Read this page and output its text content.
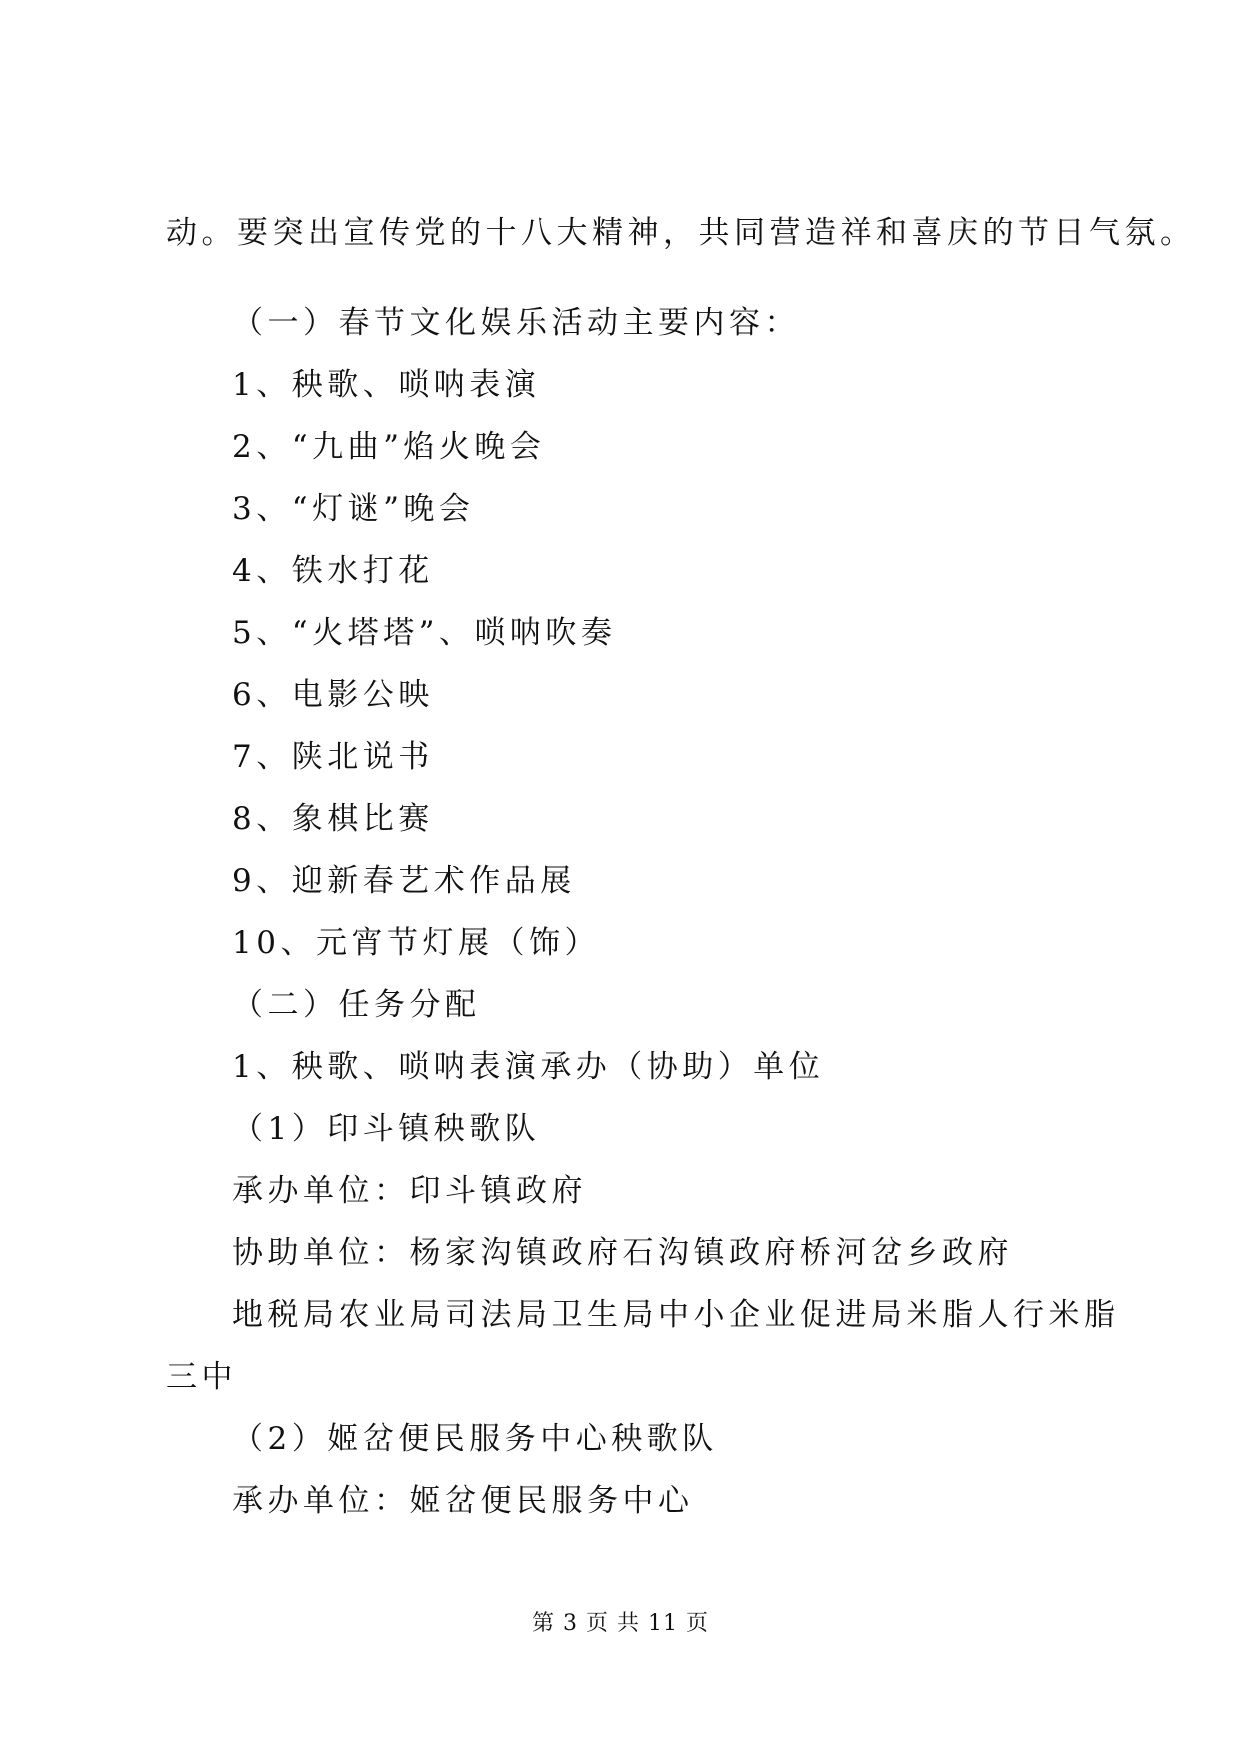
动。要突出宣传党的十八大精神，共同营造祥和喜庆的节日气氛。
（一）春节文化娱乐活动主要内容：
1、秧歌、唢呐表演
2、“九曲”焰火晚会
3、“灯谜”晚会
4、铁水打花
5、“火塔塔”、唢呐吹奏
6、电影公映
7、陕北说书
8、象棋比赛
9、迎新春艺术作品展
10、元宵节灯展（饰）
（二）任务分配
1、秧歌、唢呐表演承办（协助）单位
（1）印斗镇秧歌队
承办单位：印斗镇政府
协助单位：杨家沟镇政府石沟镇政府桥河岔乡政府
地税局农业局司法局卫生局中小企业促进局米脂人行米脂
三中
（2）姬岔便民服务中心秧歌队
承办单位：姬岔便民服务中心
第 3 页 共 11 页
